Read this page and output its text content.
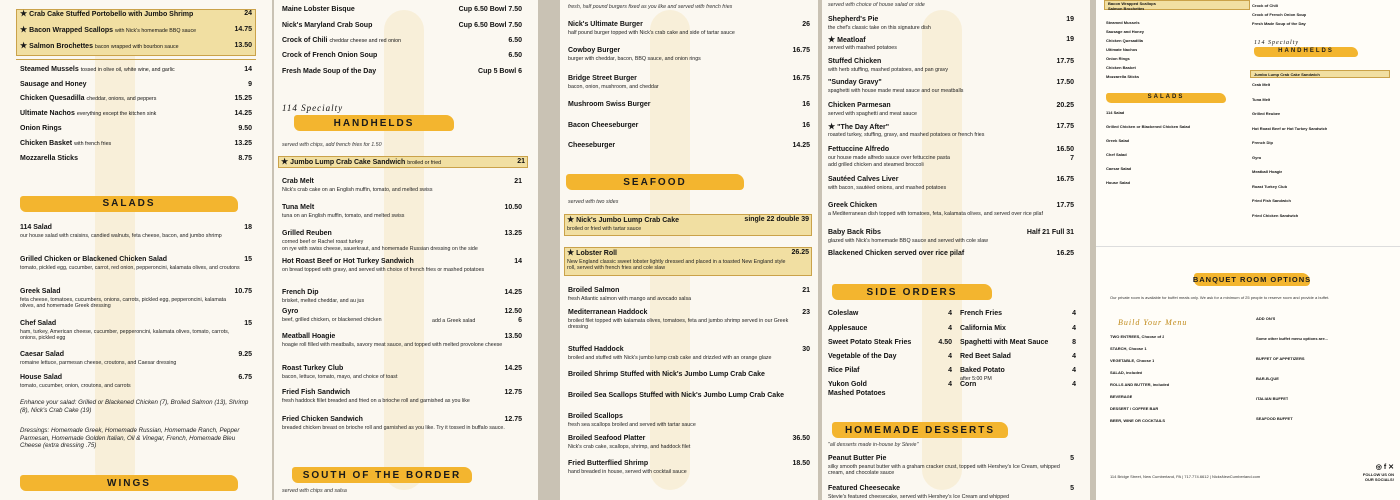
★ Crab Cake Stuffed Portobello with Jumbo Shrimp	24
★ Bacon Wrapped Scallops with Nick's homemade BBQ sauce	14.75
★ Salmon Brochettes bacon wrapped with bourbon sauce	13.50
Steamed Mussels tossed in olive oil, white wine, and garlic	14
Sausage and Honey	9
Chicken Quesadilla cheddar, onions, and peppers	15.25
Ultimate Nachos everything except the kitchen sink	14.25
Onion Rings	9.50
Chicken Basket with french fries	13.25
Mozzarella Sticks	8.75
SALADS
114 Salad	18
our house salad with craisins, candied walnuts, feta cheese, bacon, and jumbo shrimp
Grilled Chicken or Blackened Chicken Salad	15
tomato, pickled egg, cucumber, carrot, red onion, pepperoncini, kalamata olives, and croutons
Greek Salad	10.75
feta cheese, tomatoes, cucumbers, onions, carrots, pickled egg, pepperoncini, kalamata olives, and homemade Greek dressing
Chef Salad	15
ham, turkey, American cheese, cucumber, pepperoncini, kalamata olives, tomato, carrots, onions, pickled egg
Caesar Salad	9.25
romaine lettuce, parmesan cheese, croutons, and Caesar dressing
House Salad	6.75
tomato, cucumber, onion, croutons, and carrots
Enhance your salad: Grilled or Blackened Chicken (7), Broiled Salmon (13), Shrimp (8), Nick's Crab Cake (19)
Dressings: Homemade Greek, Homemade Russian, Homemade Ranch, Pepper Parmesan, Homemade Golden Italian, Oil & Vinegar, French, Homemade Bleu Cheese (extra dressing .75)
WINGS
Maine Lobster Bisque	Cup 6.50 Bowl 7.50
Nick's Maryland Crab Soup	Cup 6.50 Bowl 7.50
Crock of Chili cheddar cheese and red onion	6.50
Crock of French Onion Soup	6.50
Fresh Made Soup of the Day	Cup 5 Bowl 6
114 Specialty
HANDHELDS
served with chips, add french fries for 1.50
★ Jumbo Lump Crab Cake Sandwich broiled or fried	21
Crab Melt	21
Nick's crab cake on an English muffin, tomato, and melted swiss
Tuna Melt	10.50
tuna on an English muffin, tomato, and melted swiss
Grilled Reuben	13.25
corned beef or Rachel roast turkey
on rye with swiss cheese, sauerkraut, and homemade Russian dressing on the side
Hot Roast Beef or Hot Turkey Sandwich	14
on bread topped with gravy, and served with choice of french fries or mashed potatoes
French Dip	14.25
brisket, melted cheddar, and au jus
Gyro	12.50
beef, grilled chicken, or blackened chicken	add a Greek salad	6
Meatball Hoagie	13.50
hoagie roll filled with meatballs, savory meat sauce, and topped with melted provolone cheese
Roast Turkey Club	14.25
bacon, lettuce, tomato, mayo, and choice of toast
Fried Fish Sandwich	12.75
fresh haddock fillet breaded and fried on a brioche roll and garnished as you like
Fried Chicken Sandwich	12.75
breaded chicken breast on brioche roll and garnished as you like. Try it tossed in buffalo sauce.
SOUTH OF THE BORDER
served with chips and salsa
fresh, half pound burgers fixed as you like and served with french fries
Nick's Ultimate Burger	26
half pound burger topped with Nick's crab cake and side of tartar sauce
Cowboy Burger	16.75
burger with cheddar, bacon, BBQ sauce, and onion rings
Bridge Street Burger	16.75
bacon, onion, mushroom, and cheddar
Mushroom Swiss Burger	16
Bacon Cheeseburger	16
Cheeseburger	14.25
SEAFOOD
served with two sides
★ Nick's Jumbo Lump Crab Cake	single 22 double 39
broiled or fried with tartar sauce
★ Lobster Roll	26.25
New England classic sweet lobster lightly dressed and placed in a toasted New England style roll, served with french fries and cole slaw
Broiled Salmon	21
fresh Atlantic salmon with mango and avocado salsa
Mediterranean Haddock	23
broiled filet topped with kalamata olives, tomatoes, feta and jumbo shrimp served in our Greek dressing
Stuffed Haddock	30
broiled and stuffed with Nick's jumbo lump crab cake and drizzled with an orange glaze
Broiled Shrimp Stuffed with Nick's Jumbo Lump Crab Cake
Broiled Sea Scallops Stuffed with Nick's Jumbo Lump Crab Cake
Broiled Scallops
fresh sea scallops broiled and served with tartar sauce
Broiled Seafood Platter	36.50
Nick's crab cake, scallops, shrimp, and haddock filet
Fried Butterflied Shrimp	18.50
hand breaded in house, served with cocktail sauce
served with choice of house salad or side
Shepherd's Pie	19
the chef's classic take on this signature dish
★ Meatloaf	19
served with mashed potatoes
Stuffed Chicken	17.75
with herb stuffing, mashed potatoes, and pan gravy
"Sunday Gravy"	17.50
spaghetti with house made meat sauce and our meatballs
Chicken Parmesan	20.25
served with spaghetti and meat sauce
★ "The Day After"	17.75
roasted turkey, stuffing, gravy, and mashed potatoes or french fries
Fettuccine Alfredo	16.50
our house made alfredo sauce over fettuccine pasta
add grilled chicken and steamed broccoli
7
Sautéed Calves Liver	16.75
with bacon, sautéed onions, and mashed potatoes
Greek Chicken	17.75
a Mediterranean dish topped with tomatoes, feta, kalamata olives, and served over rice pilaf
Baby Back Ribs	Half 21 Full 31
glazed with Nick's homemade BBQ sauce and served with cole slaw
Blackened Chicken served over rice pilaf	16.25
SIDE ORDERS
Coleslaw	4
Applesauce	4
Sweet Potato Steak Fries	4.50
Vegetable of the Day	4
Rice Pilaf	4
Yukon Gold	4
Mashed Potatoes
French Fries	4
California Mix	4
Spaghetti with Meat Sauce	8
Red Beet Salad	4
Baked Potato	4
after 5:00 PM
Corn	4
HOMEMADE DESSERTS
"all desserts made in-house by Stevie"
Peanut Butter Pie	5
silky smooth peanut butter with a graham cracker crust, topped with Hershey's Ice Cream, whipped cream, and chocolate sauce
Featured Cheesecake	5
Stevie's featured cheesecake, served with Hershey's Ice Cream and whipped
Bacon Wrapped Scallops
Salmon Brochettes
Steamed Mussels
Sausage and Honey
Chicken Quesadilla
Ultimate Nachos
Onion Rings
Chicken Basket
Mozzarella Sticks
SALADS
114 Salad
Grilled Chicken or Blackened Chicken Salad
Greek Salad
Chef Salad
Caesar Salad
House Salad
Crock of Chili
Crock of French Onion Soup
Fresh Made Soup of the Day
114 Specialty
HANDHELDS
Jumbo Lump Crab Cake Sandwich
Crab Melt
Tuna Melt
Grilled Reuben
Hot Roast Beef or Hot Turkey Sandwich
French Dip
Gyro
Meatball Hoagie
Roast Turkey Club
Fried Fish Sandwich
Fried Chicken Sandwich
BANQUET ROOM OPTIONS
Our private room is available for buffet meals only. We ask for a minimum of 25 people to reserve room and provide a buffet.
Build Your Menu
TWO ENTREES, Choose of 2
STARCH, Choose 1
VEGETABLE, Choose 1
SALAD, included
ROLLS AND BUTTER, included
BEVERAGE
DESSERT / COFFEE BAR
BEER, WINE OR COCKTAILS
ADD ON'S
Some other buffet menu options are...
BUFFET OF APPETIZERS
BAR-B-QUE
ITALIAN BUFFET
SEAFOOD BUFFET
114 Bridge Street, New Cumberland, PA | 717.774.6612 | NicksNewCumberland.com
◎ f ✕
FOLLOW US ON OUR SOCIALS!
